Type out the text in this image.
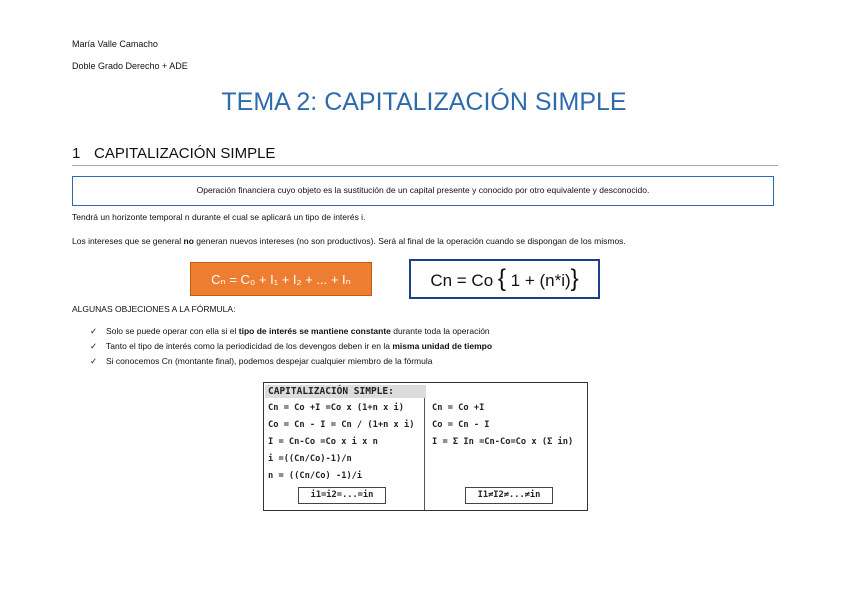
María Valle Camacho
Doble Grado Derecho + ADE
TEMA 2: CAPITALIZACIÓN SIMPLE
1 CAPITALIZACIÓN SIMPLE
Operación financiera cuyo objeto es la sustitución de un capital presente y conocido por otro equivalente y desconocido.
Tendrá un horizonte temporal n durante el cual se aplicará un tipo de interés i.
Los intereses que se general no generan nuevos intereses (no son productivos). Será al final de la operación cuando se dispongan de los mismos.
Cₙ = C₀ + I₁ + I₂ + ... + Iₙ	Cn = Co { 1 + (n*i)}
ALGUNAS OBJECIONES A LA FÓRMULA:
✓ Solo se puede operar con ella si el tipo de interés se mantiene constante durante toda la operación
✓ Tanto el tipo de interés como la periodicidad de los devengos deben ir en la misma unidad de tiempo
✓ Si conocemos Cn (montante final), podemos despejar cualquier miembro de la fórmula
CAPITALIZACIÓN SIMPLE:
Cn = Co +I =Co x (1+n x i)
Co = Cn - I = Cn / (1+n x i)
I = Cn-Co =Co x i x n
i =((Cn/Co)-1)/n
n = ((Cn/Co) -1)/i
Cn = Co +I
Co = Cn - I
I = Σ In =Cn-Co=Co x (Σ in)
i1=i2=...=in	I1≠I2≠...≠in
